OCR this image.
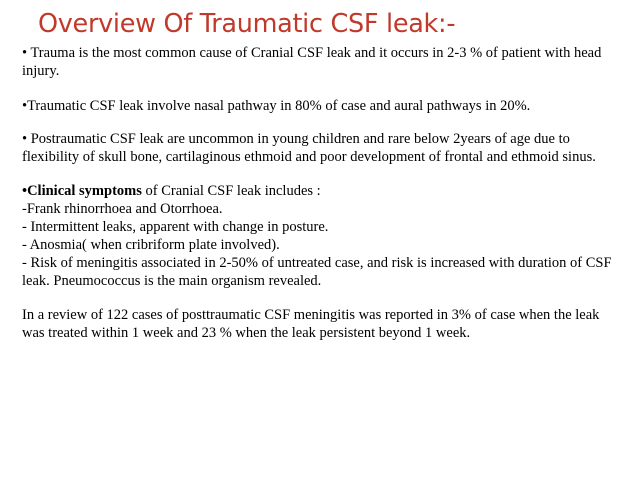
Overview Of Traumatic CSF leak:-

• Trauma is the most common cause of Cranial CSF leak and it occurs in 2-3 % of patient with head injury.

•Traumatic CSF leak involve nasal pathway in 80% of case and aural pathways in 20%.

• Postraumatic CSF leak are uncommon in young children and rare below 2years of age due to flexibility of skull bone, cartilaginous ethmoid and poor development of frontal and ethmoid sinus.

•Clinical symptoms of Cranial CSF leak includes :
-Frank rhinorrhoea and Otorrhoea.
- Intermittent leaks, apparent with change in posture.
- Anosmia( when cribriform plate involved).
- Risk of meningitis associated in 2-50% of untreated case, and risk is increased with duration of CSF leak. Pneumococcus is the main organism revealed.

In a review of 122 cases of posttraumatic CSF meningitis was reported in 3% of case when the leak was treated within 1 week and 23 % when the leak persistent beyond 1 week.
